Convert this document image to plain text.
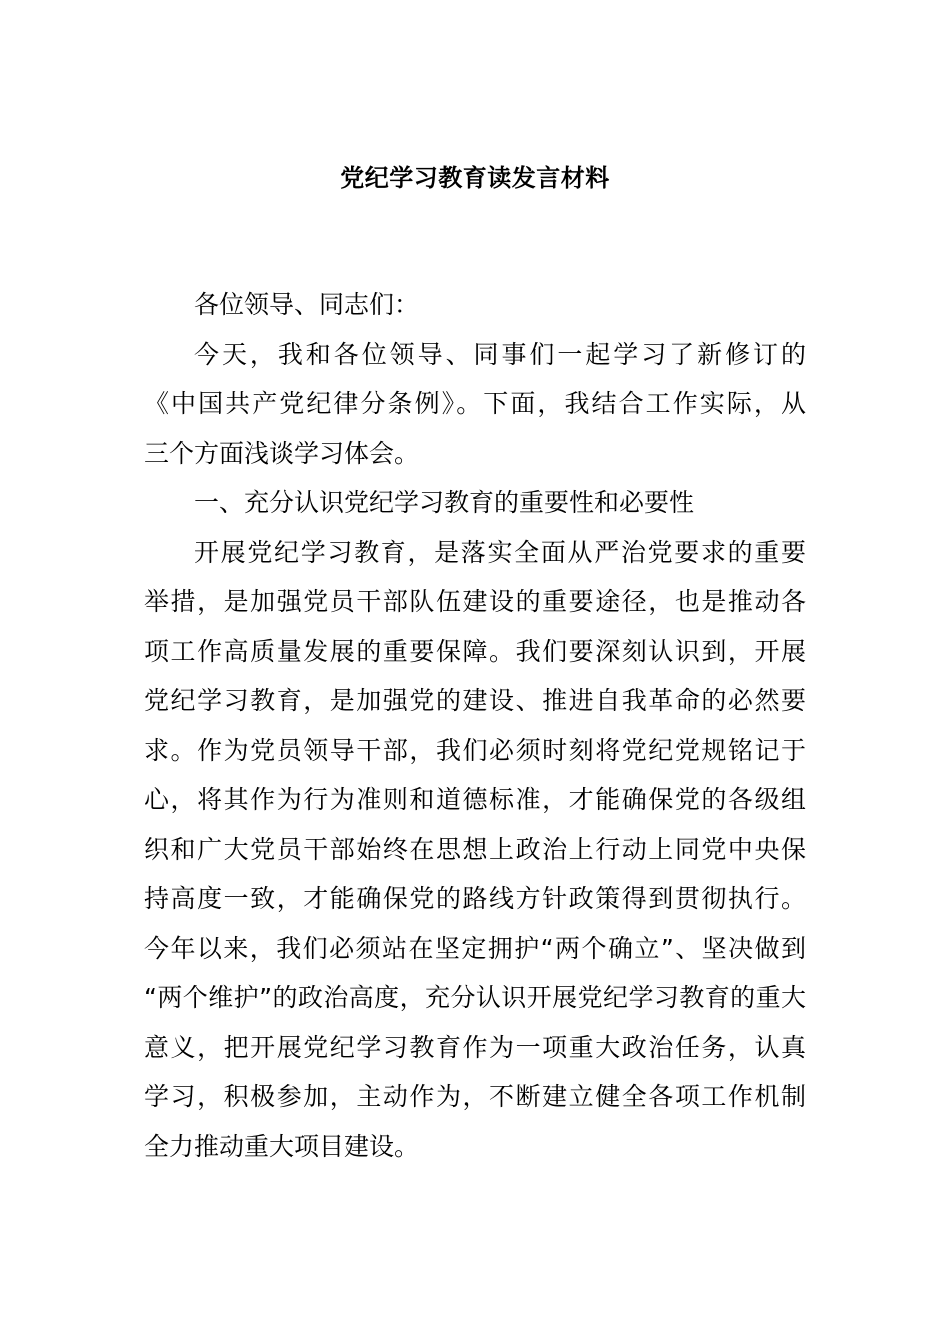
党纪学习教育读发言材料
各位领导、同志们：
今天，我和各位领导、同事们一起学习了新修订的
《中国共产党纪律分条例》。下面，我结合工作实际，从
三个方面浅谈学习体会。
一、充分认识党纪学习教育的重要性和必要性
开展党纪学习教育，是落实全面从严治党要求的重要
举措，是加强党员干部队伍建设的重要途径，也是推动各
项工作高质量发展的重要保障。我们要深刻认识到，开展
党纪学习教育，是加强党的建设、推进自我革命的必然要
求。作为党员领导干部，我们必须时刻将党纪党规铭记于
心，将其作为行为准则和道德标准，才能确保党的各级组
织和广大党员干部始终在思想上政治上行动上同党中央保
持高度一致，才能确保党的路线方针政策得到贯彻执行。
今年以来，我们必须站在坚定拥护“两个确立”、坚决做到
“两个维护”的政治高度，充分认识开展党纪学习教育的重大
意义，把开展党纪学习教育作为一项重大政治任务，认真
学习，积极参加，主动作为，不断建立健全各项工作机制
全力推动重大项目建设。
